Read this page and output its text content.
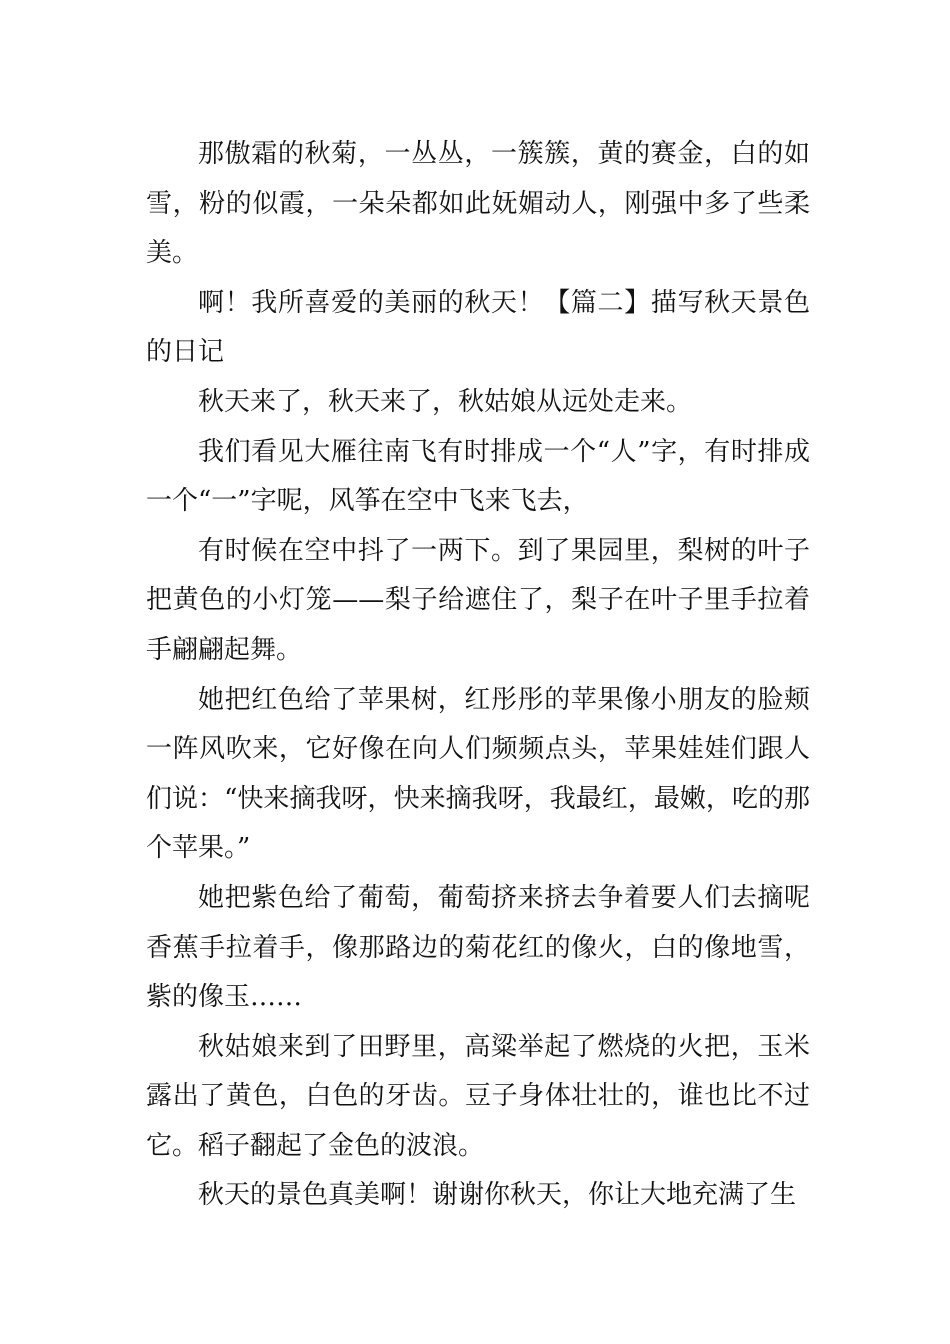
那傲霜的秋菊，一丛丛，一簇簇，黄的赛金，白的如雪，粉的似霞，一朵朵都如此妩媚动人，刚强中多了些柔美。

啊！我所喜爱的美丽的秋天！【篇二】描写秋天景色的日记

秋天来了，秋天来了，秋姑娘从远处走来。

我们看见大雁往南飞有时排成一个“人”字，有时排成一个“一”字呢，风筝在空中飞来飞去，

有时候在空中抖了一两下。到了果园里，梨树的叶子把黄色的小灯笼——梨子给遮住了，梨子在叶子里手拉着手翩翩起舞。

她把红色给了苹果树，红彤彤的苹果像小朋友的脸颊一阵风吹来，它好像在向人们频频点头，苹果娃娃们跟人们说：“快来摘我呀，快来摘我呀，我最红，最嫩，吃的那个苹果。”

她把紫色给了葡萄，葡萄挤来挤去争着要人们去摘呢香蕉手拉着手，像那路边的菊花红的像火，白的像地雪，紫的像玉……

秋姑娘来到了田野里，高粱举起了燃烧的火把，玉米露出了黄色，白色的牙齿。豆子身体壮壮的，谁也比不过它。稻子翻起了金色的波浪。

秋天的景色真美啊！谢谢你秋天，你让大地充满了生
